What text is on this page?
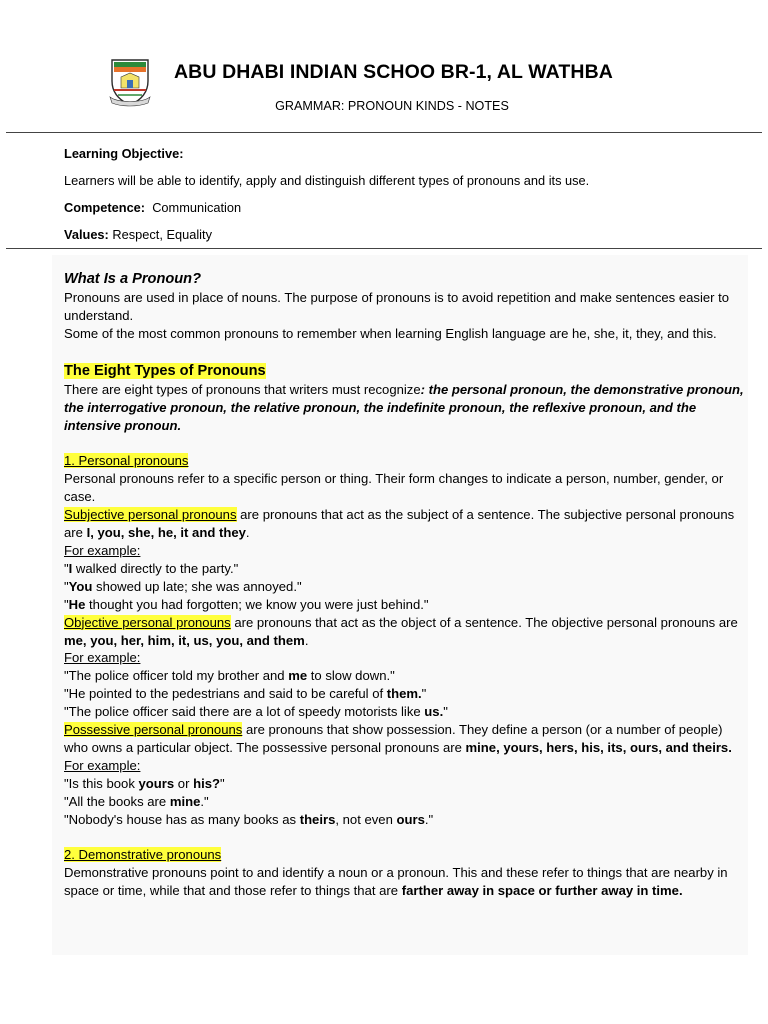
ABU DHABI INDIAN SCHOO BR-1, AL WATHBA
GRAMMAR: PRONOUN KINDS - NOTES

Learning Objective:

Learners will be able to identify, apply and distinguish different types of pronouns and its use.

Competence: Communication

Values: Respect, Equality

What Is a Pronoun?

Pronouns are used in place of nouns. The purpose of pronouns is to avoid repetition and make sentences easier to understand.

Some of the most common pronouns to remember when learning English language are he, she, it, they, and this.

The Eight Types of Pronouns

There are eight types of pronouns that writers must recognize: the personal pronoun, the demonstrative pronoun, the interrogative pronoun, the relative pronoun, the indefinite pronoun, the reflexive pronoun, and the intensive pronoun.

1. Personal pronouns

Personal pronouns refer to a specific person or thing. Their form changes to indicate a person, number, gender, or case.

Subjective personal pronouns are pronouns that act as the subject of a sentence. The subjective personal pronouns are I, you, she, he, it and they.

For example:

"I walked directly to the party."

"You showed up late; she was annoyed."

"He thought you had forgotten; we know you were just behind."

Objective personal pronouns are pronouns that act as the object of a sentence. The objective personal pronouns are me, you, her, him, it, us, you, and them.

For example:

"The police officer told my brother and me to slow down."

"He pointed to the pedestrians and said to be careful of them."

"The police officer said there are a lot of speedy motorists like us."

Possessive personal pronouns are pronouns that show possession. They define a person (or a number of people) who owns a particular object. The possessive personal pronouns are mine, yours, hers, his, its, ours, and theirs.

For example:

"Is this book yours or his?"

"All the books are mine."

"Nobody's house has as many books as theirs, not even ours."

2. Demonstrative pronouns

Demonstrative pronouns point to and identify a noun or a pronoun. This and these refer to things that are nearby in space or time, while that and those refer to things that are farther away in space or further away in time.
